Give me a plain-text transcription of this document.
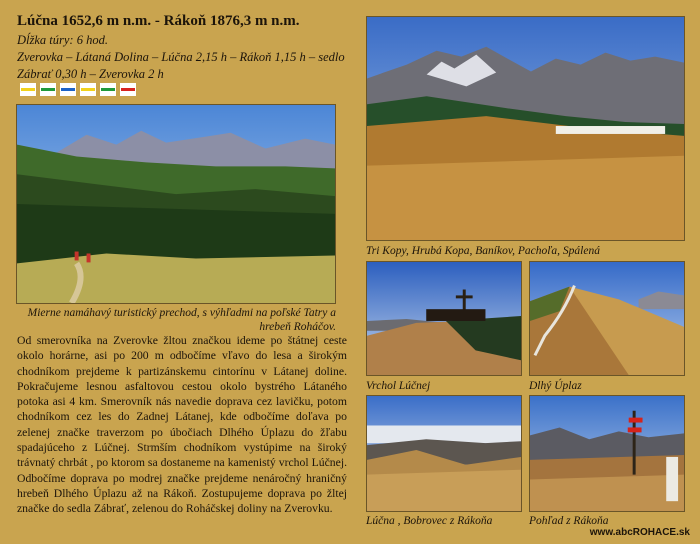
Lúčna 1652,6 m n.m. - Rákoň 1876,3 m n.m.
Dĺžka túry: 6 hod.
Zverovka – Látaná Dolina – Lúčna 2,15 h – Rákoň 1,15 h – sedlo Zábrať 0,30 h – Zverovka 2 h
Mierne namáhavý turistický prechod, s výhľadmi na poľské Tatry a hrebeň Roháčov.
Od smerovníka na Zverovke žltou značkou ideme po štátnej ceste okolo horárne, asi po 200 m odbočíme vľavo do lesa a širokým chodníkom prejdeme k partizánskemu cintorínu v Látanej doline. Pokračujeme lesnou asfaltovou cestou okolo bystrého Látaného potoka asi 4 km. Smerovník nás navedie doprava cez lavičku, potom chodníkom cez les do Zadnej Látanej, kde odbočíme doľava po zelenej značke traverzom po úbočiach Dlhého Úplazu do žľabu spadajúceho z Lúčnej. Strmším chodníkom vystúpime na široký trávnatý chrbát , po ktorom sa dostaneme na kamenistý vrchol Lúčnej. Odbočíme doprava po modrej značke prejdeme nenáročný hraničný hrebeň Dlhého Úplazu až na Rákoň. Zostupujeme doprava po žltej značke do sedla Zábrať, zelenou do Roháčskej doliny na Zverovku.
Tri Kopy, Hrubá Kopa, Baníkov, Pachoľa, Spálená
Vrchol Lúčnej	Dlhý Úplaz
Lúčna , Bobrovec z Rákoňa	Pohľad z Rákoňa
www.abcROHACE.sk
